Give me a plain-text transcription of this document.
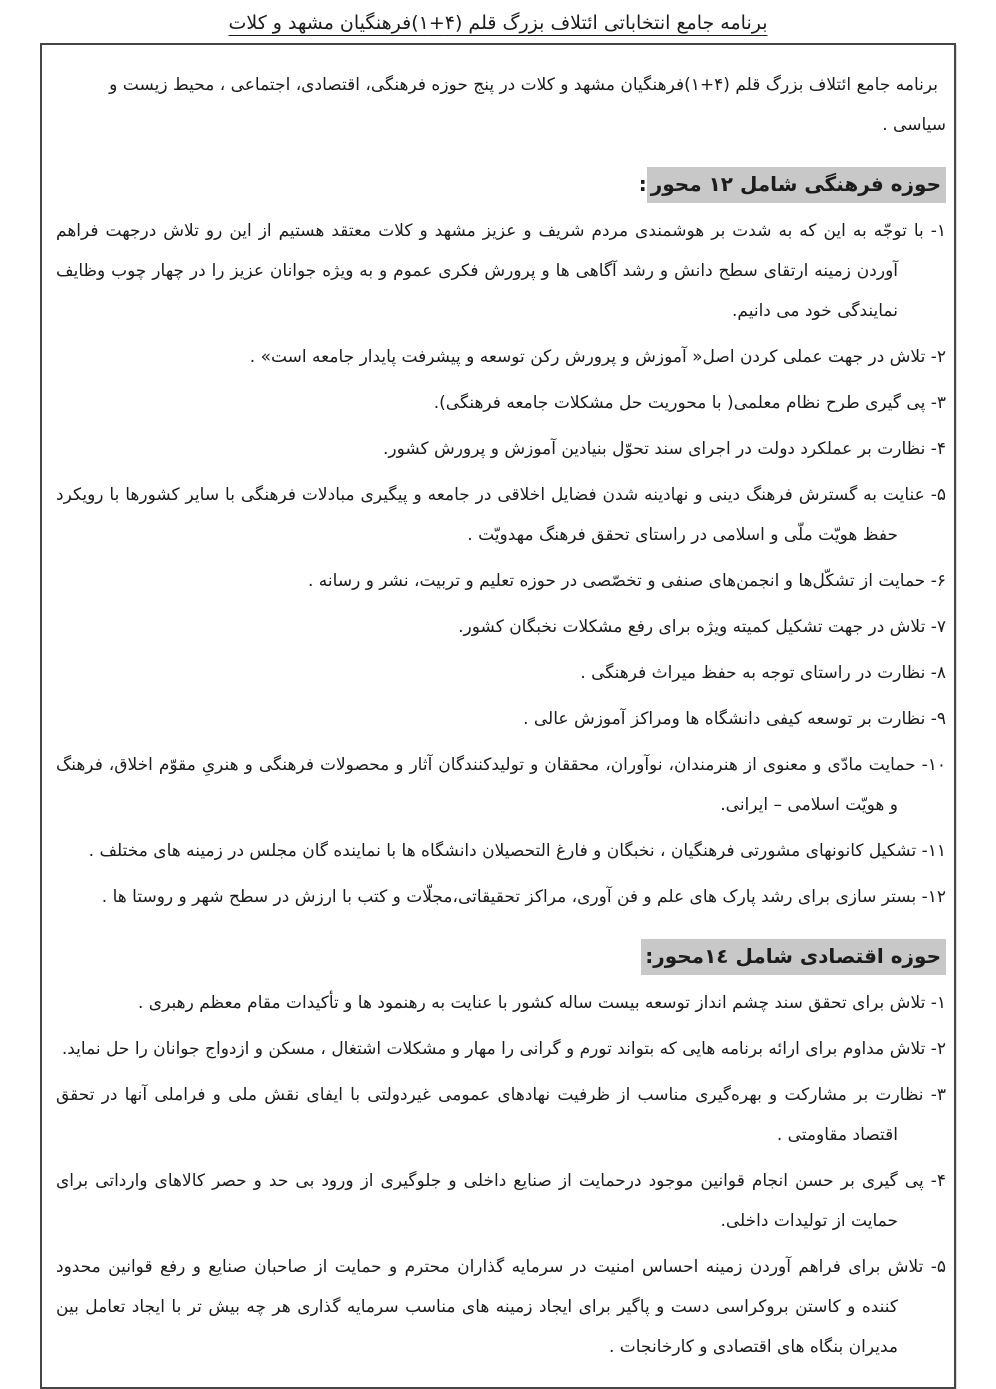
برنامه جامع انتخاباتی ائتلاف بزرگ قلم (۴+۱)فرهنگیان مشهد و کلات

برنامه جامع ائتلاف بزرگ قلم (۴+۱)فرهنگیان مشهد و کلات در پنج حوزه فرهنگی، اقتصادی، اجتماعی ، محیط زیست و سیاسی .

حوزه فرهنگی شامل ۱۲ محور:

۱- با توجّه به این که به شدت بر هوشمندی مردم شریف و عزیز مشهد و کلات معتقد هستیم از این رو تلاش درجهت فراهم آوردن زمینه ارتقای سطح دانش و رشد آگاهی ها و پرورش فکری عموم و به ویژه جوانان عزیز را در چهار چوب وظایف نمایندگی خود می دانیم.

۲- تلاش در جهت عملی کردن اصل« آموزش و پرورش رکن توسعه و پیشرفت پایدار جامعه است» .

۳- پی گیری طرح نظام معلمی( با محوریت حل مشکلات جامعه فرهنگی).

۴- نظارت بر عملکرد دولت در اجرای سند تحوّل بنیادین آموزش و پرورش کشور.

۵- عنایت به گسترش فرهنگ دینی و نهادینه شدن فضایل اخلاقی در جامعه و پیگیری مبادلات فرهنگی با سایر کشورها با رویکرد حفظ هویّت ملّی و اسلامی در راستای تحقق فرهنگ مهدویّت .

۶- حمایت از تشکّل‌ها و انجمن‌های صنفی و تخصّصی در حوزه تعلیم و تربیت، نشر و رسانه .

۷- تلاش در جهت تشکیل کمیته ویژه برای رفع مشکلات نخبگان کشور.

۸- نظارت در راستای توجه به حفظ میراث فرهنگی .

۹- نظارت بر توسعه کیفی دانشگاه ها ومراکز آموزش عالی .

۱۰- حمایت مادّی و معنوی از هنرمندان، نوآوران، محققان و تولیدکنندگان آثار و محصولات فرهنگی و هنریِ مقوّم اخلاق، فرهنگ و هویّت اسلامی – ایرانی.

۱۱- تشکیل کانونهای مشورتی فرهنگیان ، نخبگان و فارغ التحصیلان دانشگاه ها با نماینده گان مجلس در زمینه های مختلف .

۱۲- بستر سازی برای رشد پارک های علم و فن آوری، مراکز تحقیقاتی،مجلّات و کتب با ارزش در سطح شهر و روستا ها .

حوزه اقتصادی شامل ١٤محور:

۱- تلاش برای تحقق سند چشم انداز توسعه بیست ساله کشور با عنایت به رهنمود ها و تأکیدات مقام معظم رهبری .

۲- تلاش مداوم برای ارائه برنامه هایی که بتواند تورم و گرانی را مهار و مشکلات اشتغال ، مسکن و ازدواج جوانان را حل نماید.

۳- نظارت بر مشارکت و بهره‌گیری مناسب از ظرفیت نهادهای عمومی غیردولتی با ایفای نقش ملی و فراملی آنها در تحقق اقتصاد مقاومتی .

۴- پی گیری بر حسن انجام قوانین موجود درحمایت از صنایع داخلی و جلوگیری از ورود بی حد و حصر کالاهای وارداتی برای حمایت از تولیدات داخلی.

۵- تلاش برای فراهم آوردن زمینه احساس امنیت در سرمایه گذاران محترم و حمایت از صاحبان صنایع و رفع قوانین محدود کننده و کاستن بروکراسی دست و پاگیر برای ایجاد زمینه های مناسب سرمایه گذاری هر چه بیش تر با ایجاد تعامل بین مدیران بنگاه های اقتصادی و کارخانجات .
